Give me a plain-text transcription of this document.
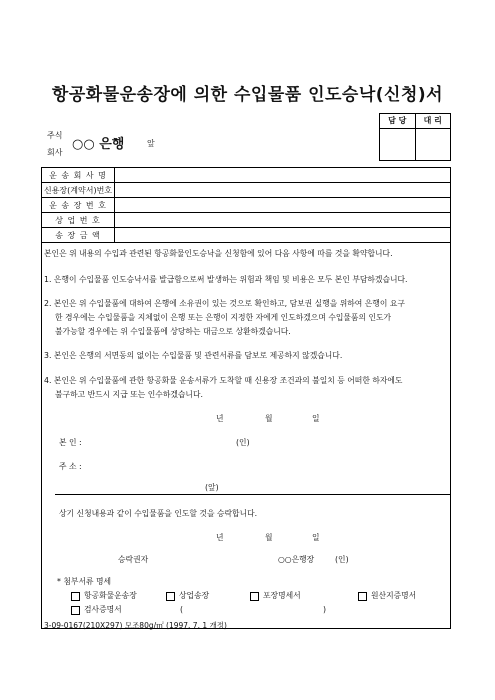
항공화물운송장에 의한 수입물품 인도승낙(신청)서
담 당	대 리
주식
회사
○○ 은행	앞
운 송 회 사 명	
신용장(계약서)번호	
운 송 장 번 호	
상 업 번 호	
송 장 금 액	
본인은 위 내용의 수입과 관련된 항공화물인도승낙을 신청함에 있어 다음 사항에 따를 것을 확약합니다.
1. 은행이 수입물품 인도승낙서를 발급함으로써 발생하는 위험과 책임 및 비용은 모두 본인 부담하겠습니다.
2. 본인은 위 수입물품에 대하여 은행에 소유권이 있는 것으로 확인하고, 담보권 실행을 위하여 은행이 요구
한 경우에는 수입물품을 지체없이 은행 또는 은행이 지정한 자에게 인도하겠으며 수입물품의 인도가
불가능할 경우에는 위 수입물품에 상당하는 대금으로 상환하겠습니다.
3. 본인은 은행의 서면동의 없이는 수입물품 및 관련서류를 담보로 제공하지 않겠습니다.
4. 본인은 위 수입물품에 관한 항공화물 운송서류가 도착할 때 신용장 조건과의 불일치 등 어떠한 하자에도
불구하고 반드시 지급 또는 인수하겠습니다.
년	월	일
본 인 :	(인)
주 소 :
(앞)
상기 신청내용과 같이 수입물품을 인도할 것을 승락합니다.
년	월	일
승락권자	○○은행장	(인)
* 첨부서류 명세
항공화물운송장	상업송장	포장명세서	원산지증명서
검사증명서	(	)
3-09-0167(210X297) 모조80g/㎡ (1997. 7. 1 개정)
